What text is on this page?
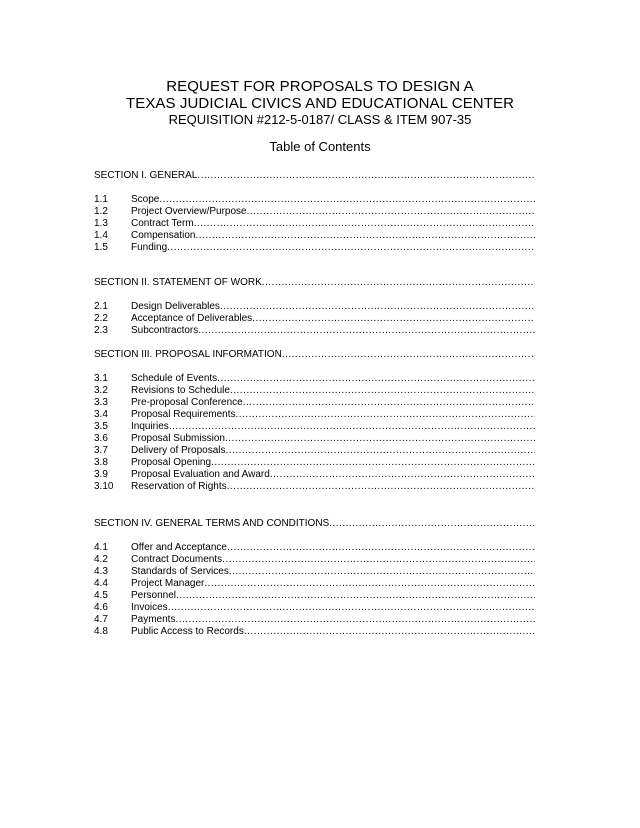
REQUEST FOR PROPOSALS TO DESIGN A
TEXAS JUDICIAL CIVICS AND EDUCATIONAL CENTER
REQUISITION #212-5-0187/ CLASS & ITEM 907-35
Table of Contents
SECTION I. GENERAL
.....
1.1	Scope
.....
1.2	Project Overview/Purpose
.....
1.3	Contract Term
.....
1.4	Compensation
.....
1.5	Funding
.....
SECTION II. STATEMENT OF WORK
.....
2.1	Design Deliverables
.....
2.2	Acceptance of Deliverables
.....
2.3	Subcontractors
.....
SECTION III. PROPOSAL INFORMATION
.....
3.1	Schedule of Events
.....
3.2	Revisions to Schedule
.....
3.3	Pre-proposal Conference
.....
3.4	Proposal Requirements
.....
3.5	Inquiries
.....
3.6	Proposal Submission
.....
3.7	Delivery of Proposals
.....
3.8	Proposal Opening
.....
3.9	Proposal Evaluation and Award
.....
3.10	Reservation of Rights
.....
SECTION IV. GENERAL TERMS AND CONDITIONS
.....
4.1	Offer and Acceptance
.....
4.2	Contract Documents
.....
4.3	Standards of Services
.....
4.4	Project Manager
.....
4.5	Personnel
.....
4.6	Invoices
.....
4.7	Payments
.....
4.8	Public Access to Records
.....
